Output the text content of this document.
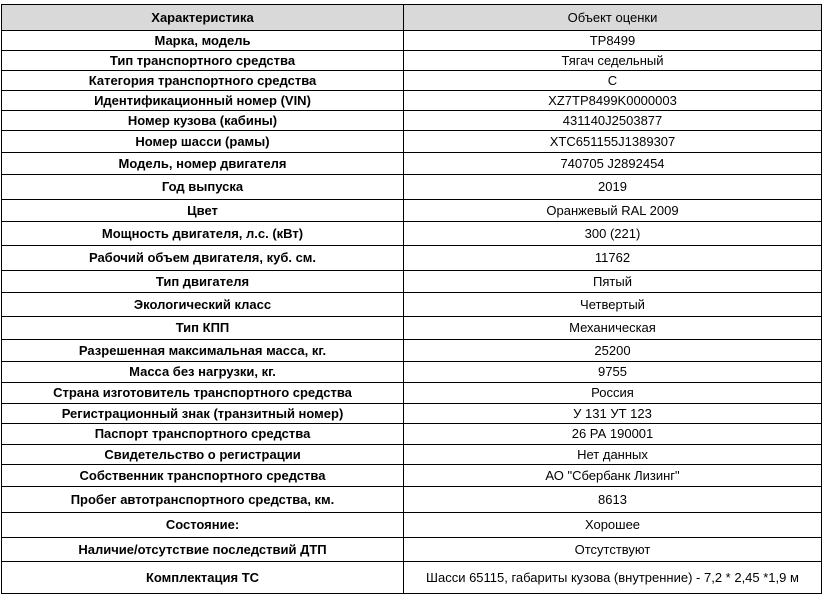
Характеристика	Объект оценки
Марка, модель	ТР8499
Тип транспортного средства	Тягач седельный
Категория транспортного средства	С
Идентификационный номер (VIN)	XZ7TP8499K0000003
Номер кузова (кабины)	431140J2503877
Номер шасси (рамы)	XTC651155J1389307
Модель, номер двигателя	740705 J2892454
Год выпуска	2019
Цвет	Оранжевый RAL 2009
Мощность двигателя, л.с. (кВт)	300 (221)
Рабочий объем двигателя, куб. см.	11762
Тип двигателя	Пятый
Экологический класс	Четвертый
Тип КПП	Механическая
Разрешенная максимальная масса, кг.	25200
Масса без нагрузки, кг.	9755
Страна изготовитель транспортного средства	Россия
Регистрационный знак (транзитный номер)	У 131 УТ 123
Паспорт транспортного средства	26 РА 190001
Свидетельство о регистрации	Нет данных
Собственник транспортного средства	АО "Сбербанк Лизинг"
Пробег автотранспортного средства, км.	8613
Состояние:	Хорошее
Наличие/отсутствие последствий ДТП	Отсутствуют
Комплектация ТС	Шасси 65115, габариты кузова (внутренние) - 7,2 * 2,45 *1,9 м
